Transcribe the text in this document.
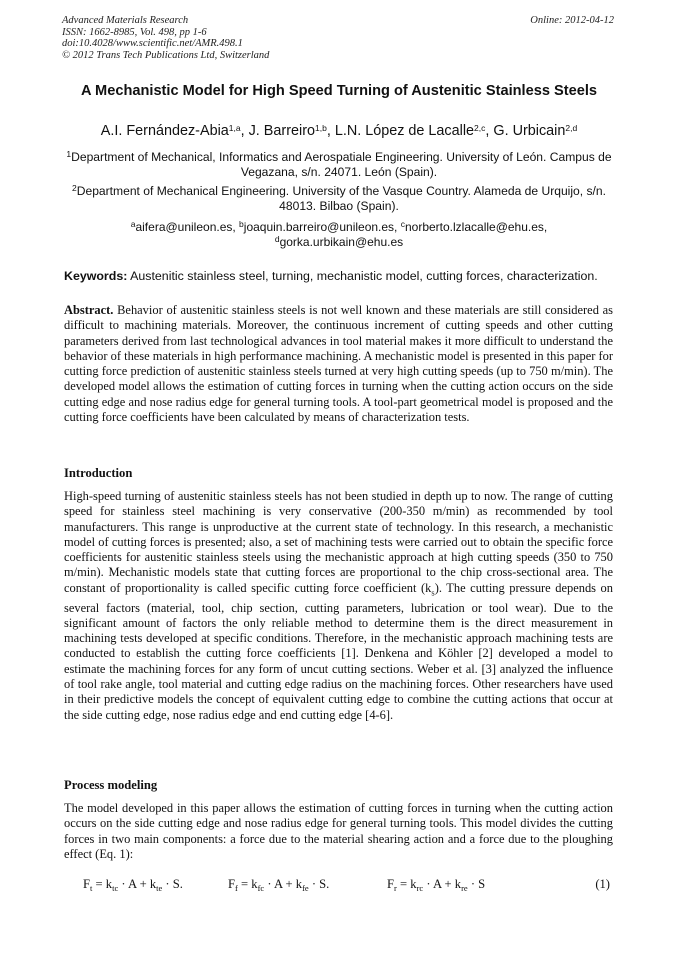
Advanced Materials Research
ISSN: 1662-8985, Vol. 498, pp 1-6
doi:10.4028/www.scientific.net/AMR.498.1
© 2012 Trans Tech Publications Ltd, Switzerland
Online: 2012-04-12
A Mechanistic Model for High Speed Turning of Austenitic Stainless Steels
A.I. Fernández-Abia$^{1,a}$, J. Barreiro$^{1,b}$, L.N. López de Lacalle$^{2,c}$, G. Urbicain$^{2,d}$
$^1$Department of Mechanical, Informatics and Aerospatiale Engineering. University of León. Campus de Vegazana, s/n. 24071. León (Spain).
$^2$Department of Mechanical Engineering. University of the Vasque Country. Alameda de Urquijo, s/n. 48013. Bilbao (Spain).
$^a$aifera@unileon.es, $^b$joaquin.barreiro@unileon.es, $^c$norberto.lzlacalle@ehu.es,
$^d$gorka.urbikain@ehu.es
Keywords: Austenitic stainless steel, turning, mechanistic model, cutting forces, characterization.
Abstract. Behavior of austenitic stainless steels is not well known and these materials are still considered as difficult to machining materials. Moreover, the continuous increment of cutting speeds and other cutting parameters derived from last technological advances in tool material makes it more difficult to understand the behavior of these materials in high performance machining. A mechanistic model is presented in this paper for cutting force prediction of austenitic stainless steels turned at very high cutting speeds (up to 750 m/min). The developed model allows the estimation of cutting forces in turning when the cutting action occurs on the side cutting edge and nose radius edge for general turning tools. A tool-part geometrical model is proposed and the cutting force coefficients have been calculated by means of characterization tests.
Introduction
High-speed turning of austenitic stainless steels has not been studied in depth up to now. The range of cutting speed for stainless steel machining is very conservative (200-350 m/min) as recommended by tool manufacturers. This range is unproductive at the current state of technology. In this research, a mechanistic model of cutting forces is presented; also, a set of machining tests were carried out to obtain the specific force coefficients for austenitic stainless steels using the mechanistic approach at high cutting speeds (350 to 750 m/min). Mechanistic models state that cutting forces are proportional to the chip cross-sectional area. The constant of proportionality is called specific cutting force coefficient $(k_s)$. The cutting pressure depends on several factors (material, tool, chip section, cutting parameters, lubrication or tool wear). Due to the significant amount of factors the only reliable method to determine them is the direct measurement in machining tests developed at specific conditions. Therefore, in the mechanistic approach machining tests are conducted to establish the cutting force coefficients [1]. Denkena and Köhler [2] developed a model to estimate the machining forces for any form of uncut cutting sections. Weber et al. [3] analyzed the influence of tool rake angle, tool material and cutting edge radius on the machining forces. Other researchers have used in their predictive models the concept of equivalent cutting edge to combine the cutting actions that occur at the side cutting edge, nose radius edge and end cutting edge [4-6].
Process modeling
The model developed in this paper allows the estimation of cutting forces in turning when the cutting action occurs on the side cutting edge and nose radius edge for general turning tools. This model divides the cutting forces in two main components: a force due to the material shearing action and a force due to the ploughing effect (Eq. 1):
$F_t = k_{tc} \cdot A + k_{te} \cdot S$.	$F_f = k_{fc} \cdot A + k_{fe} \cdot S$.	$F_r = k_{rc} \cdot A + k_{re} \cdot S$	(1)
